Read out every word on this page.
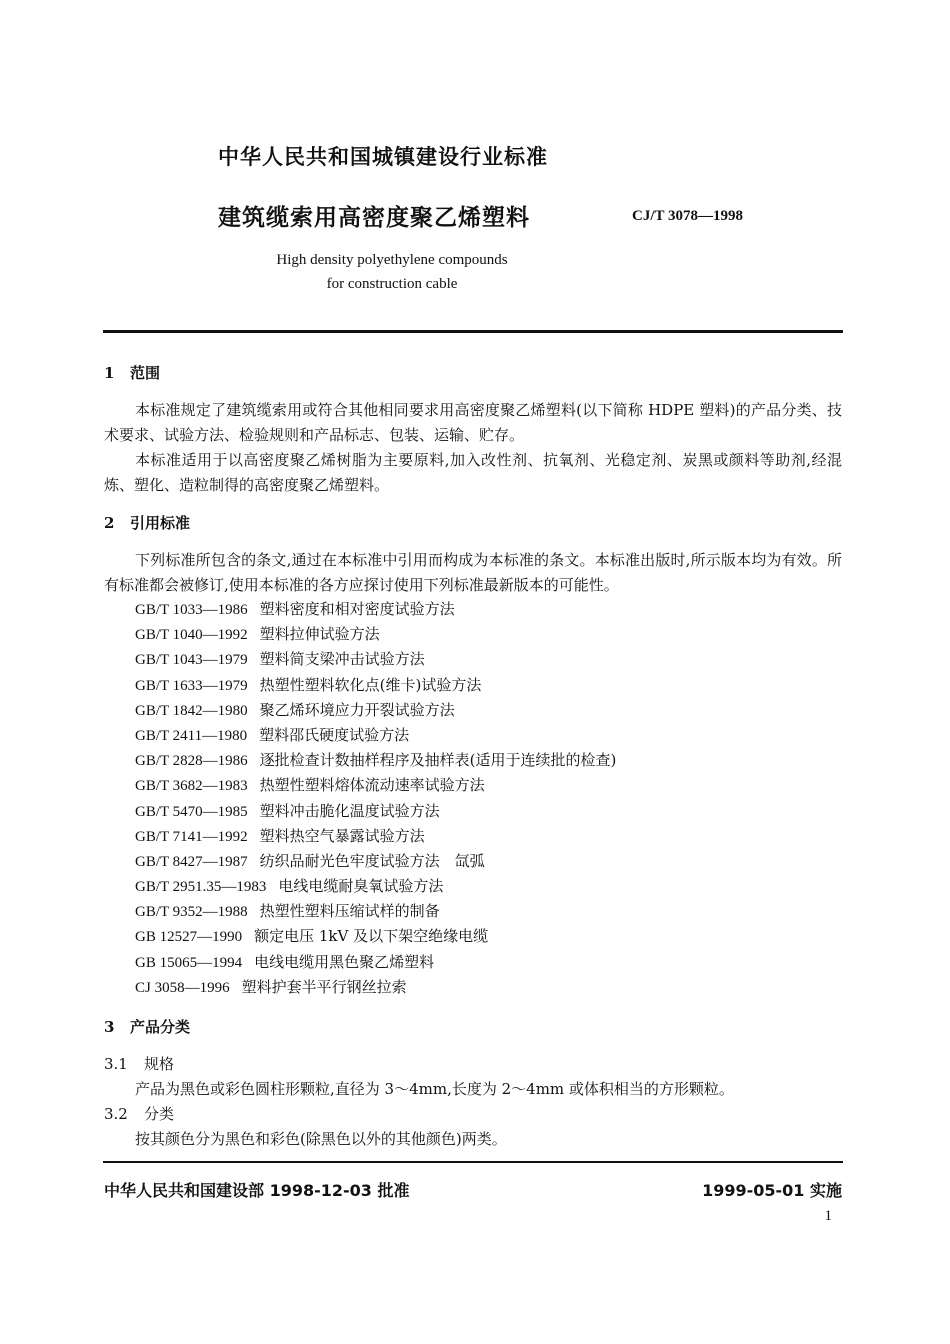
中华人民共和国城镇建设行业标准
建筑缆索用高密度聚乙烯塑料	CJ/T 3078—1998
High density polyethylene compounds
for construction cable
1 范围

本标准规定了建筑缆索用或符合其他相同要求用高密度聚乙烯塑料(以下简称 HDPE 塑料)的产品分类、技术要求、试验方法、检验规则和产品标志、包装、运输、贮存。

本标准适用于以高密度聚乙烯树脂为主要原料,加入改性剂、抗氧剂、光稳定剂、炭黑或颜料等助剂,经混炼、塑化、造粒制得的高密度聚乙烯塑料。

2 引用标准

下列标准所包含的条文,通过在本标准中引用而构成为本标准的条文。本标准出版时,所示版本均为有效。所有标准都会被修订,使用本标准的各方应探讨使用下列标准最新版本的可能性。

GB/T 1033—1986 塑料密度和相对密度试验方法
GB/T 1040—1992 塑料拉伸试验方法
GB/T 1043—1979 塑料简支梁冲击试验方法
GB/T 1633—1979 热塑性塑料软化点(维卡)试验方法
GB/T 1842—1980 聚乙烯环境应力开裂试验方法
GB/T 2411—1980 塑料邵氏硬度试验方法
GB/T 2828—1986 逐批检查计数抽样程序及抽样表(适用于连续批的检查)
GB/T 3682—1983 热塑性塑料熔体流动速率试验方法
GB/T 5470—1985 塑料冲击脆化温度试验方法
GB/T 7141—1992 塑料热空气暴露试验方法
GB/T 8427—1987 纺织品耐光色牢度试验方法　氙弧
GB/T 2951.35—1983 电线电缆耐臭氧试验方法
GB/T 9352—1988 热塑性塑料压缩试样的制备
GB 12527—1990 额定电压 1kV 及以下架空绝缘电缆
GB 15065—1994 电线电缆用黑色聚乙烯塑料
CJ 3058—1996 塑料护套半平行钢丝拉索
3 产品分类
3.1 规格
产品为黑色或彩色圆柱形颗粒,直径为 3～4mm,长度为 2～4mm 或体积相当的方形颗粒。
3.2 分类
按其颜色分为黑色和彩色(除黑色以外的其他颜色)两类。
中华人民共和国建设部 1998-12-03 批准	1999-05-01 实施
1
